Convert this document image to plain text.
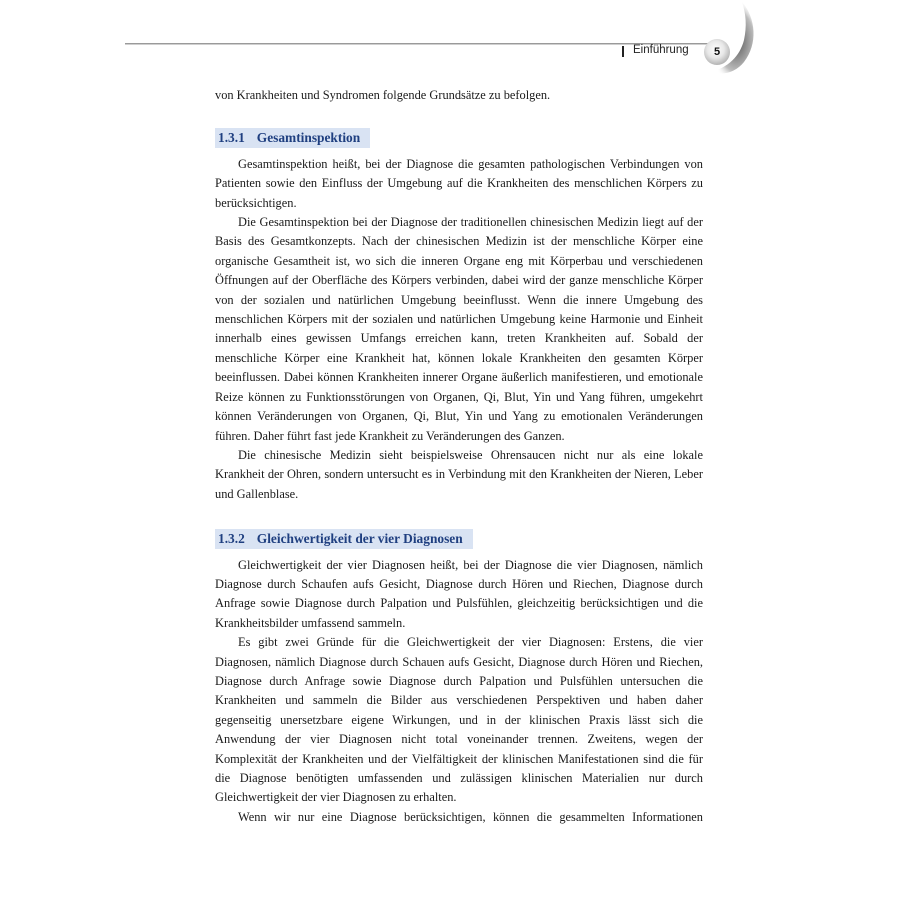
Einführung 5

von Krankheiten und Syndromen folgende Grundsätze zu befolgen.

1.3.1 Gesamtinspektion

Gesamtinspektion heißt, bei der Diagnose die gesamten pathologischen Verbindungen von Patienten sowie den Einfluss der Umgebung auf die Krankheiten des menschlichen Körpers zu berücksichtigen.

Die Gesamtinspektion bei der Diagnose der traditionellen chinesischen Medizin liegt auf der Basis des Gesamtkonzepts. Nach der chinesischen Medizin ist der menschliche Körper eine organische Gesamtheit ist, wo sich die inneren Organe eng mit Körperbau und verschiedenen Öffnungen auf der Oberfläche des Körpers verbinden, dabei wird der ganze menschliche Körper von der sozialen und natürlichen Umgebung beeinflusst. Wenn die innere Umgebung des menschlichen Körpers mit der sozialen und natürlichen Umgebung keine Harmonie und Einheit innerhalb eines gewissen Umfangs erreichen kann, treten Krankheiten auf. Sobald der menschliche Körper eine Krankheit hat, können lokale Krankheiten den gesamten Körper beeinflussen. Dabei können Krankheiten innerer Organe äußerlich manifestieren, und emotionale Reize können zu Funktionsstörungen von Organen, Qi, Blut, Yin und Yang führen, umgekehrt können Veränderungen von Organen, Qi, Blut, Yin und Yang zu emotionalen Veränderungen führen. Daher führt fast jede Krankheit zu Veränderungen des Ganzen.

Die chinesische Medizin sieht beispielsweise Ohrensaucen nicht nur als eine lokale Krankheit der Ohren, sondern untersucht es in Verbindung mit den Krankheiten der Nieren, Leber und Gallenblase.

1.3.2 Gleichwertigkeit der vier Diagnosen

Gleichwertigkeit der vier Diagnosen heißt, bei der Diagnose die vier Diagnosen, nämlich Diagnose durch Schaufen aufs Gesicht, Diagnose durch Hören und Riechen, Diagnose durch Anfrage sowie Diagnose durch Palpation und Pulsfühlen, gleichzeitig berücksichtigen und die Krankheitsbilder umfassend sammeln.

Es gibt zwei Gründe für die Gleichwertigkeit der vier Diagnosen: Erstens, die vier Diagnosen, nämlich Diagnose durch Schauen aufs Gesicht, Diagnose durch Hören und Riechen, Diagnose durch Anfrage sowie Diagnose durch Palpation und Pulsfühlen untersuchen die Krankheiten und sammeln die Bilder aus verschiedenen Perspektiven und haben daher gegenseitig unersetzbare eigene Wirkungen, und in der klinischen Praxis lässt sich die Anwendung der vier Diagnosen nicht total voneinander trennen. Zweitens, wegen der Komplexität der Krankheiten und der Vielfältigkeit der klinischen Manifestationen sind die für die Diagnose benötigten umfassenden und zulässigen klinischen Materialien nur durch Gleichwertigkeit der vier Diagnosen zu erhalten.

Wenn wir nur eine Diagnose berücksichtigen, können die gesammelten Informationen
